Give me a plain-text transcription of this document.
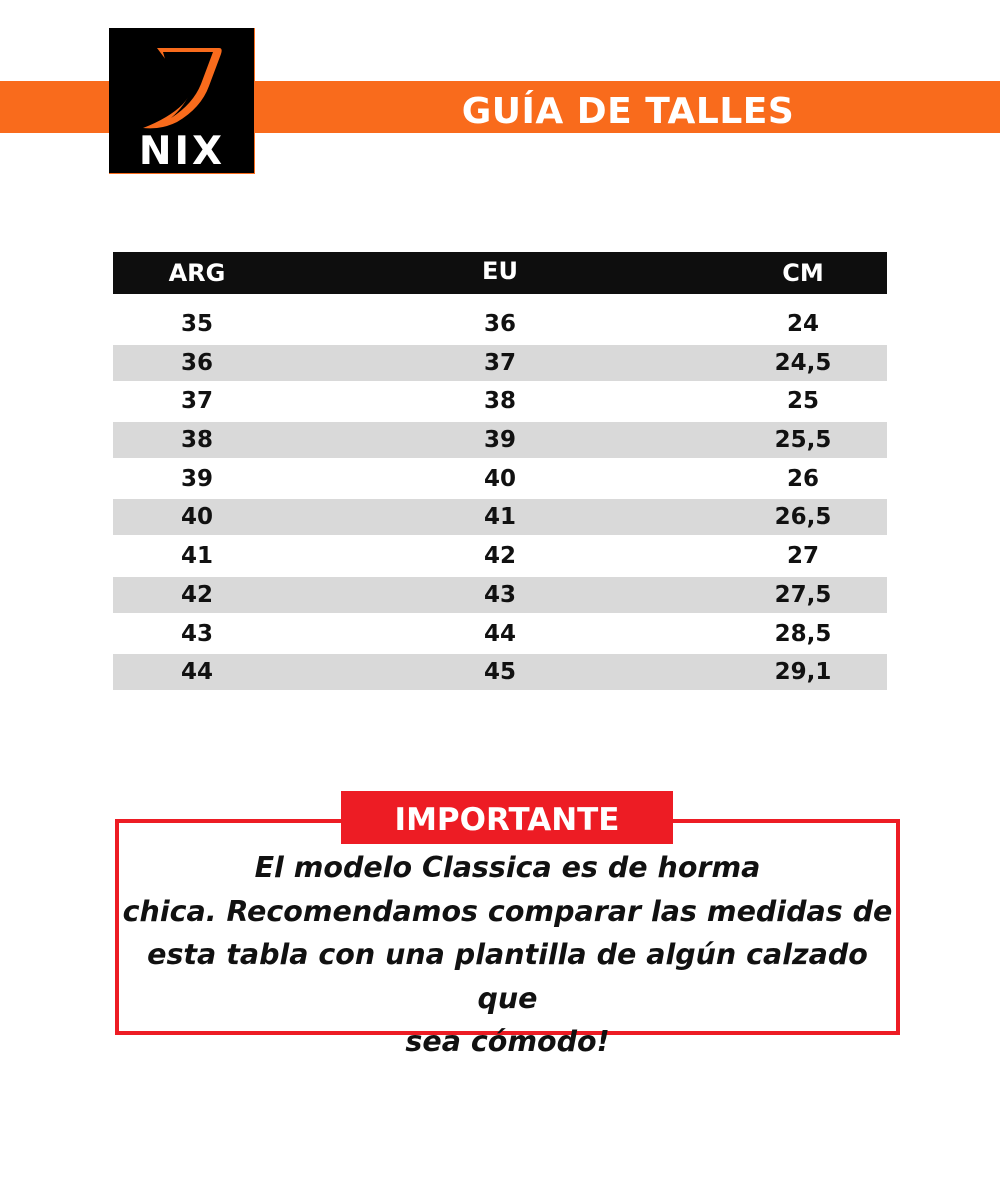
GUÍA DE TALLES
NIX
ARG	EU	CM
35	36	24
36	37	24,5
37	38	25
38	39	25,5
39	40	26
40	41	26,5
41	42	27
42	43	27,5
43	44	28,5
44	45	29,1
IMPORTANTE
El modelo Classica es de horma
chica. Recomendamos comparar las medidas de
esta tabla con una plantilla de algún calzado que
sea cómodo!
